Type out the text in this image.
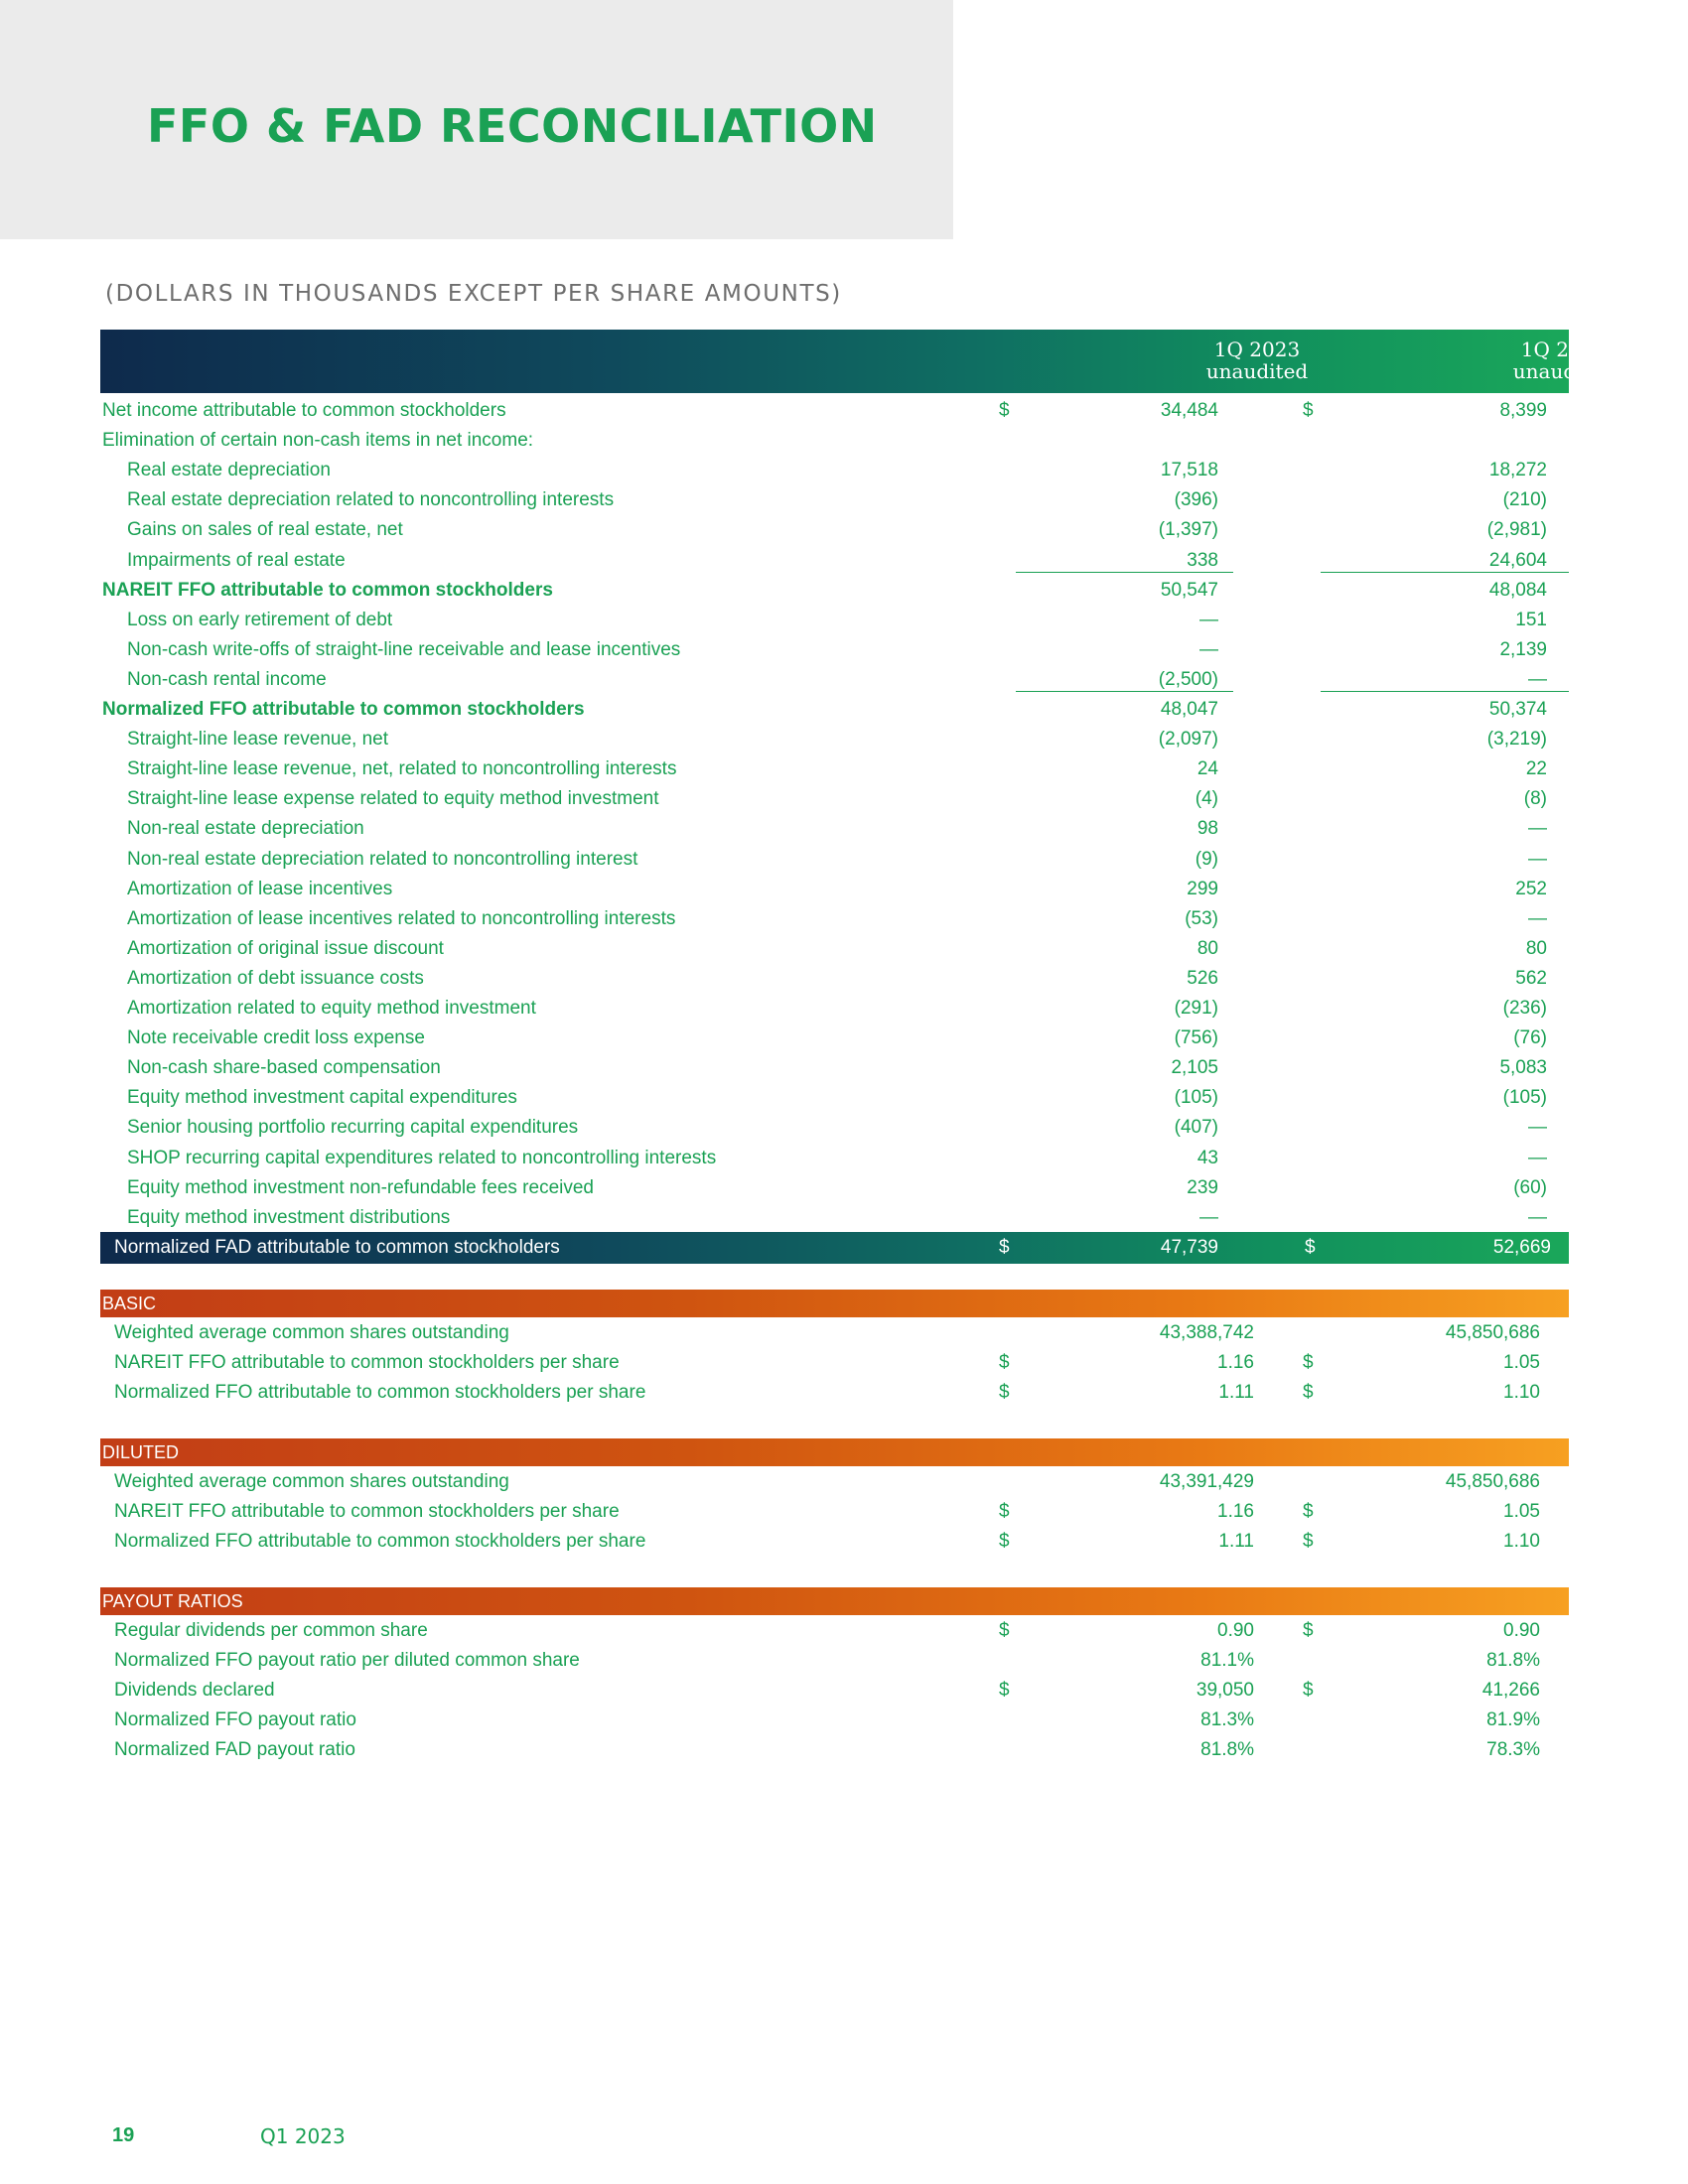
FFO & FAD RECONCILIATION
(DOLLARS IN THOUSANDS EXCEPT PER SHARE AMOUNTS)
1Q 2023
unaudited
1Q 2022
unaudited
Net income attributable to common stockholders	$	34,484	$	8,399
Elimination of certain non-cash items in net income:
Real estate depreciation	17,518	18,272
Real estate depreciation related to noncontrolling interests	(396)	(210)
Gains on sales of real estate, net	(1,397)	(2,981)
Impairments of real estate	338	24,604
NAREIT FFO attributable to common stockholders	50,547	48,084
Loss on early retirement of debt	—	151
Non-cash write-offs of straight-line receivable and lease incentives	—	2,139
Non-cash rental income	(2,500)	—
Normalized FFO attributable to common stockholders	48,047	50,374
Straight-line lease revenue, net	(2,097)	(3,219)
Straight-line lease revenue, net, related to noncontrolling interests	24	22
Straight-line lease expense related to equity method investment	(4)	(8)
Non-real estate depreciation	98	—
Non-real estate depreciation related to noncontrolling interest	(9)	—
Amortization of lease incentives	299	252
Amortization of lease incentives related to noncontrolling interests	(53)	—
Amortization of original issue discount	80	80
Amortization of debt issuance costs	526	562
Amortization related to equity method investment	(291)	(236)
Note receivable credit loss expense	(756)	(76)
Non-cash share-based compensation	2,105	5,083
Equity method investment capital expenditures	(105)	(105)
Senior housing portfolio recurring capital expenditures	(407)	—
SHOP recurring capital expenditures related to noncontrolling interests	43	—
Equity method investment non-refundable fees received	239	(60)
Equity method investment distributions	—	—
Normalized FAD attributable to common stockholders	$	47,739	$	52,669
BASIC
Weighted average common shares outstanding	43,388,742	45,850,686
NAREIT FFO attributable to common stockholders per share	$	1.16	$	1.05
Normalized FFO attributable to common stockholders per share	$	1.11	$	1.10
DILUTED
Weighted average common shares outstanding	43,391,429	45,850,686
NAREIT FFO attributable to common stockholders per share	$	1.16	$	1.05
Normalized FFO attributable to common stockholders per share	$	1.11	$	1.10
PAYOUT RATIOS
Regular dividends per common share	$	0.90	$	0.90
Normalized FFO payout ratio per diluted common share	81.1%	81.8%
Dividends declared	$	39,050	$	41,266
Normalized FFO payout ratio	81.3%	81.9%
Normalized FAD payout ratio	81.8%	78.3%
19	Q1 2023
